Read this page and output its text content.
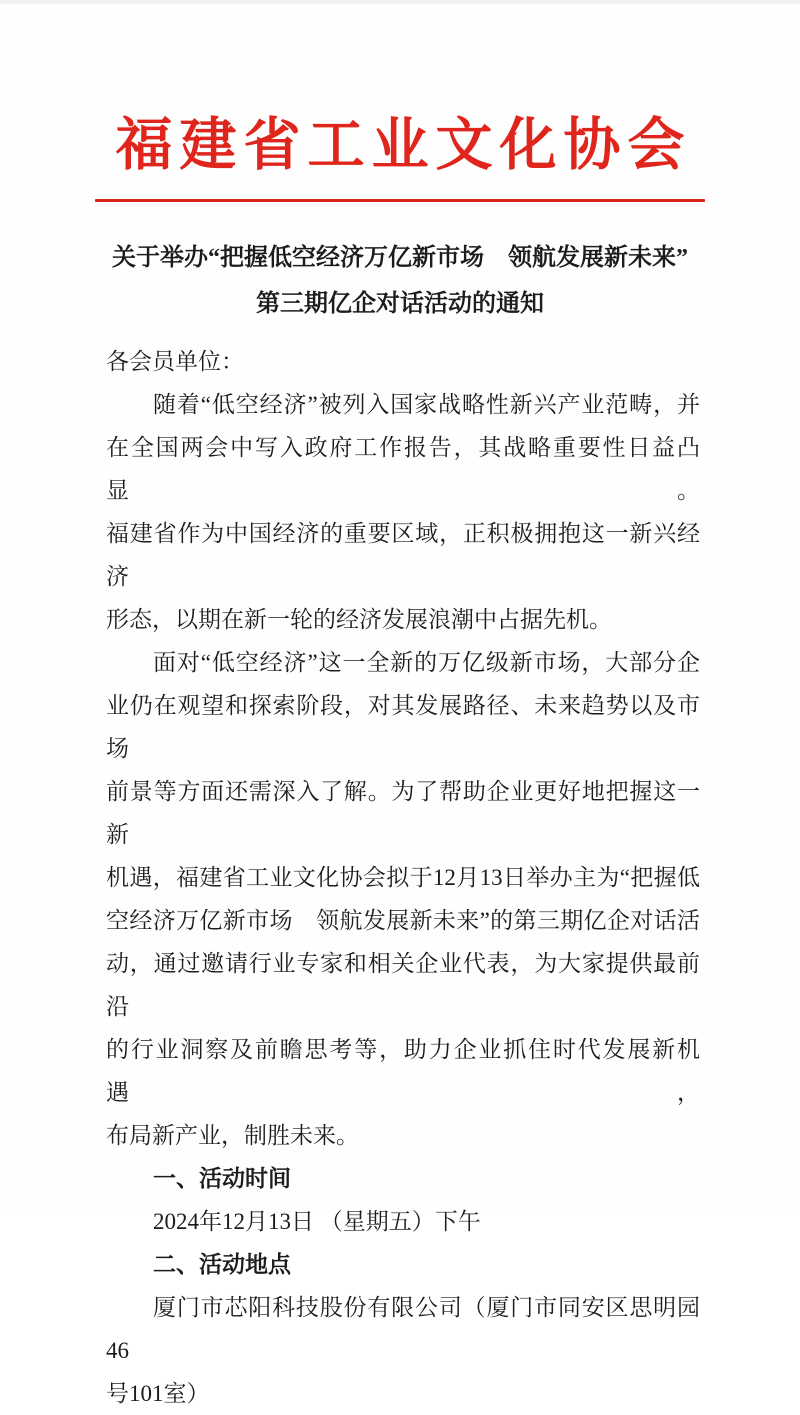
福建省工业文化协会
关于举办“把握低空经济万亿新市场　领航发展新未来”
第三期亿企对话活动的通知
各会员单位：
随着“低空经济”被列入国家战略性新兴产业范畴，并
在全国两会中写入政府工作报告，其战略重要性日益凸显。
福建省作为中国经济的重要区域，正积极拥抱这一新兴经济
形态，以期在新一轮的经济发展浪潮中占据先机。
面对“低空经济”这一全新的万亿级新市场，大部分企
业仍在观望和探索阶段，对其发展路径、未来趋势以及市场
前景等方面还需深入了解。为了帮助企业更好地把握这一新
机遇，福建省工业文化协会拟于12月13日举办主为“把握低
空经济万亿新市场　领航发展新未来”的第三期亿企对话活
动，通过邀请行业专家和相关企业代表，为大家提供最前沿
的行业洞察及前瞻思考等，助力企业抓住时代发展新机遇，
布局新产业，制胜未来。
一、活动时间
2024年12月13日 （星期五）下午
二、活动地点
厦门市芯阳科技股份有限公司（厦门市同安区思明园46
号101室）
